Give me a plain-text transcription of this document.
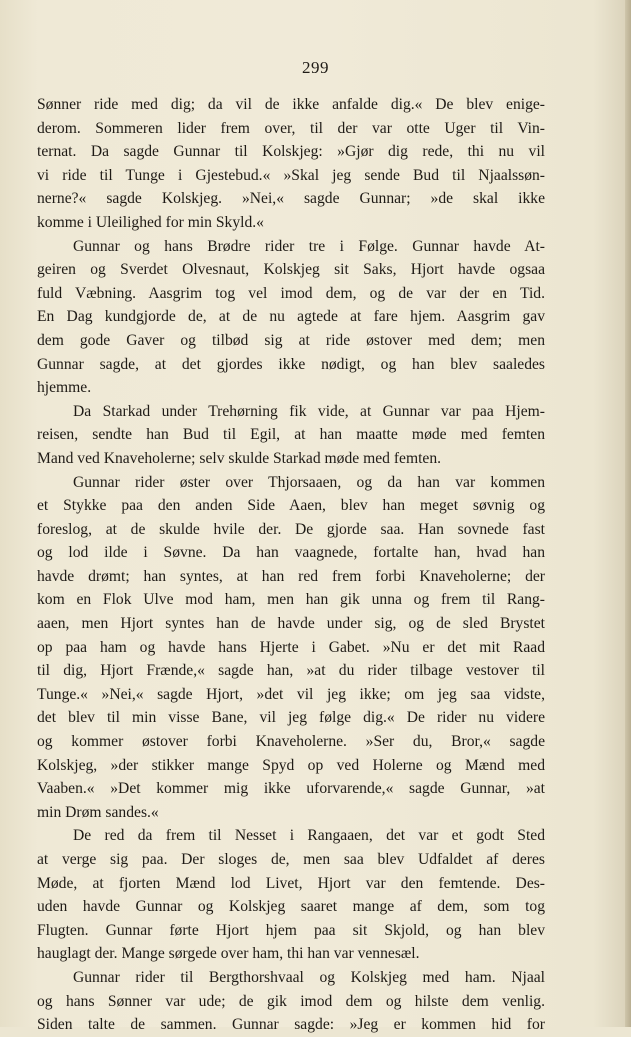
299
Sønner ride med dig; da vil de ikke anfalde dig.« De blev enige-
derom. Sommeren lider frem over, til der var otte Uger til Vin-
ternat. Da sagde Gunnar til Kolskjeg: »Gjør dig rede, thi nu vil
vi ride til Tunge i Gjestebud.« »Skal jeg sende Bud til Njaalssøn-
nerne?« sagde Kolskjeg. »Nei,« sagde Gunnar; »de skal ikke
komme i Uleilighed for min Skyld.«
Gunnar og hans Brødre rider tre i Følge. Gunnar havde At-
geiren og Sverdet Olvesnaut, Kolskjeg sit Saks, Hjort havde ogsaa
fuld Væbning. Aasgrim tog vel imod dem, og de var der en Tid.
En Dag kundgjorde de, at de nu agtede at fare hjem. Aasgrim gav
dem gode Gaver og tilbød sig at ride østover med dem; men
Gunnar sagde, at det gjordes ikke nødigt, og han blev saaledes
hjemme.
Da Starkad under Trehørning fik vide, at Gunnar var paa Hjem-
reisen, sendte han Bud til Egil, at han maatte møde med femten
Mand ved Knaveholerne; selv skulde Starkad møde med femten.
Gunnar rider øster over Thjorsaaen, og da han var kommen
et Stykke paa den anden Side Aaen, blev han meget søvnig og
foreslog, at de skulde hvile der. De gjorde saa. Han sovnede fast
og lod ilde i Søvne. Da han vaagnede, fortalte han, hvad han
havde drømt; han syntes, at han red frem forbi Knaveholerne; der
kom en Flok Ulve mod ham, men han gik unna og frem til Rang-
aaen, men Hjort syntes han de havde under sig, og de sled Brystet
op paa ham og havde hans Hjerte i Gabet. »Nu er det mit Raad
til dig, Hjort Frænde,« sagde han, »at du rider tilbage vestover til
Tunge.« »Nei,« sagde Hjort, »det vil jeg ikke; om jeg saa vidste,
det blev til min visse Bane, vil jeg følge dig.« De rider nu videre
og kommer østover forbi Knaveholerne. »Ser du, Bror,« sagde
Kolskjeg, »der stikker mange Spyd op ved Holerne og Mænd med
Vaaben.« »Det kommer mig ikke uforvarende,« sagde Gunnar, »at
min Drøm sandes.«
De red da frem til Nesset i Rangaaen, det var et godt Sted
at verge sig paa. Der sloges de, men saa blev Udfaldet af deres
Møde, at fjorten Mænd lod Livet, Hjort var den femtende. Des-
uden havde Gunnar og Kolskjeg saaret mange af dem, som tog
Flugten. Gunnar førte Hjort hjem paa sit Skjold, og han blev
hauglagt der. Mange sørgede over ham, thi han var vennesæl.
Gunnar rider til Bergthorshvaal og Kolskjeg med ham. Njaal
og hans Sønner var ude; de gik imod dem og hilste dem venlig.
Siden talte de sammen. Gunnar sagde: »Jeg er kommen hid for
